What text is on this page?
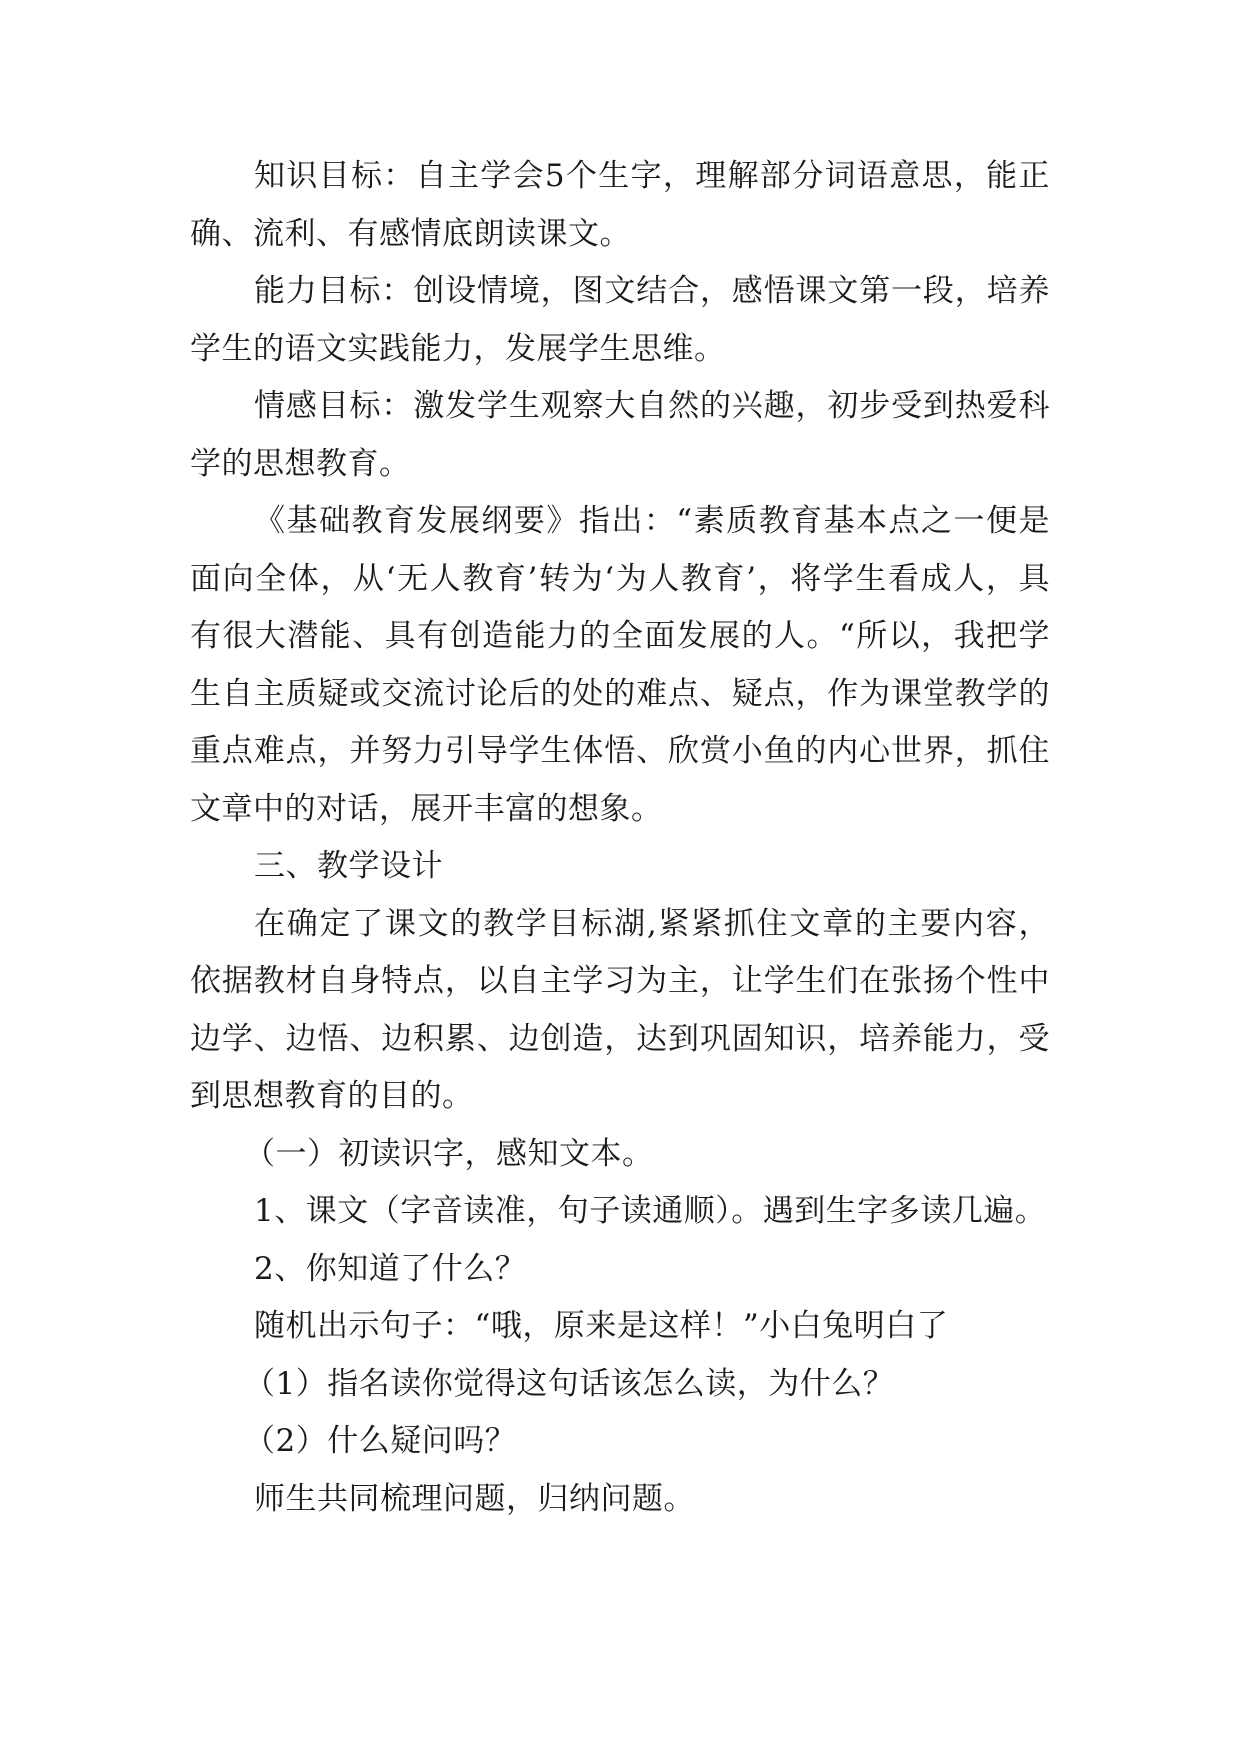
知识目标：自主学会5个生字，理解部分词语意思，能正确、流利、有感情底朗读课文。

能力目标：创设情境，图文结合，感悟课文第一段，培养学生的语文实践能力，发展学生思维。

情感目标：激发学生观察大自然的兴趣，初步受到热爱科学的思想教育。

《基础教育发展纲要》指出：“素质教育基本点之一便是面向全体，从‘无人教育’转为‘为人教育’，将学生看成人，具有很大潜能、具有创造能力的全面发展的人。“所以，我把学生自主质疑或交流讨论后的处的难点、疑点，作为课堂教学的重点难点，并努力引导学生体悟、欣赏小鱼的内心世界，抓住文章中的对话，展开丰富的想象。

三、教学设计

在确定了课文的教学目标湖,紧紧抓住文章的主要内容，依据教材自身特点，以自主学习为主，让学生们在张扬个性中边学、边悟、边积累、边创造，达到巩固知识，培养能力，受到思想教育的目的。

（一）初读识字，感知文本。

1、课文（字音读准，句子读通顺）。遇到生字多读几遍。

2、你知道了什么？

随机出示句子：“哦，原来是这样！”小白兔明白了

（1）指名读你觉得这句话该怎么读，为什么？

（2）什么疑问吗？

师生共同梳理问题，归纳问题。
